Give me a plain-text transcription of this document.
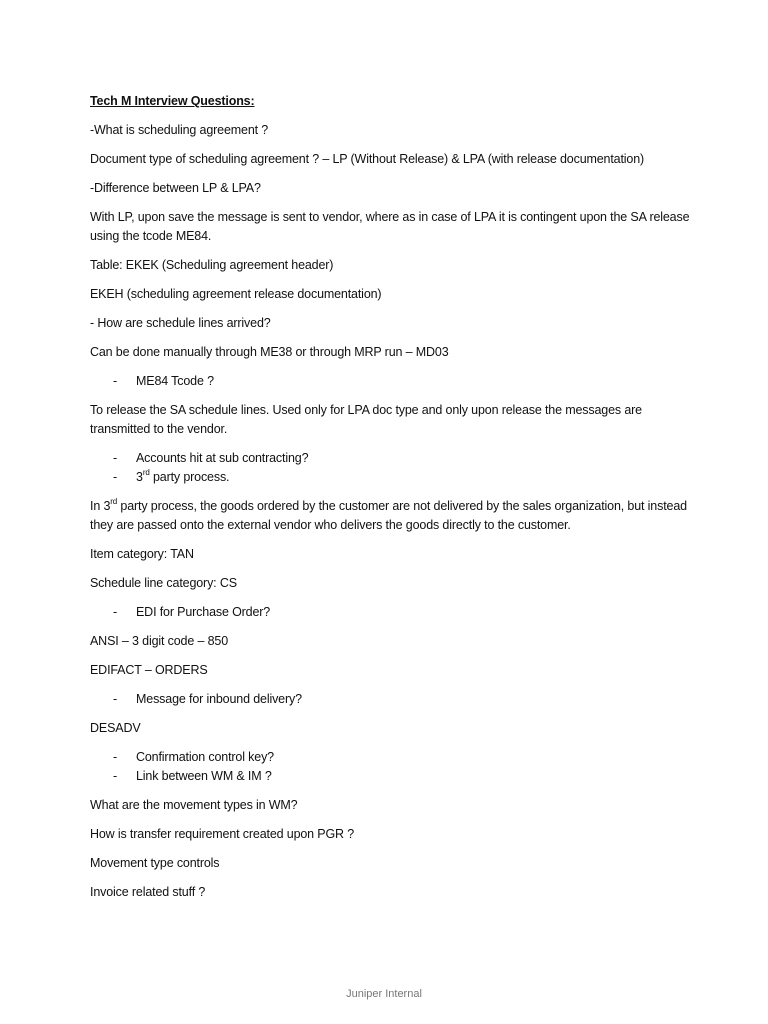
Tech M Interview Questions:

-What is scheduling agreement ?

Document type of scheduling agreement ? – LP (Without Release) & LPA (with release documentation)

-Difference between LP & LPA?

With LP, upon save the message is sent to vendor, where as in case of LPA it is contingent upon the SA release using the tcode ME84.

Table: EKEK (Scheduling agreement header)

EKEH (scheduling agreement release documentation)

- How are schedule lines arrived?

Can be done manually through ME38 or through MRP run – MD03

- ME84 Tcode ?

To release the SA schedule lines. Used only for LPA doc type and only upon release the messages are transmitted to the vendor.

- Accounts hit at sub contracting?
- 3rd party process.

In 3rd party process, the goods ordered by the customer are not delivered by the sales organization, but instead they are passed onto the external vendor who delivers the goods directly to the customer.

Item category: TAN

Schedule line category: CS

- EDI for Purchase Order?

ANSI – 3 digit code – 850

EDIFACT – ORDERS

- Message for inbound delivery?

DESADV

- Confirmation control key?
- Link between WM & IM ?

What are the movement types in WM?

How is transfer requirement created upon PGR ?

Movement type controls

Invoice related stuff ?

Juniper Internal
